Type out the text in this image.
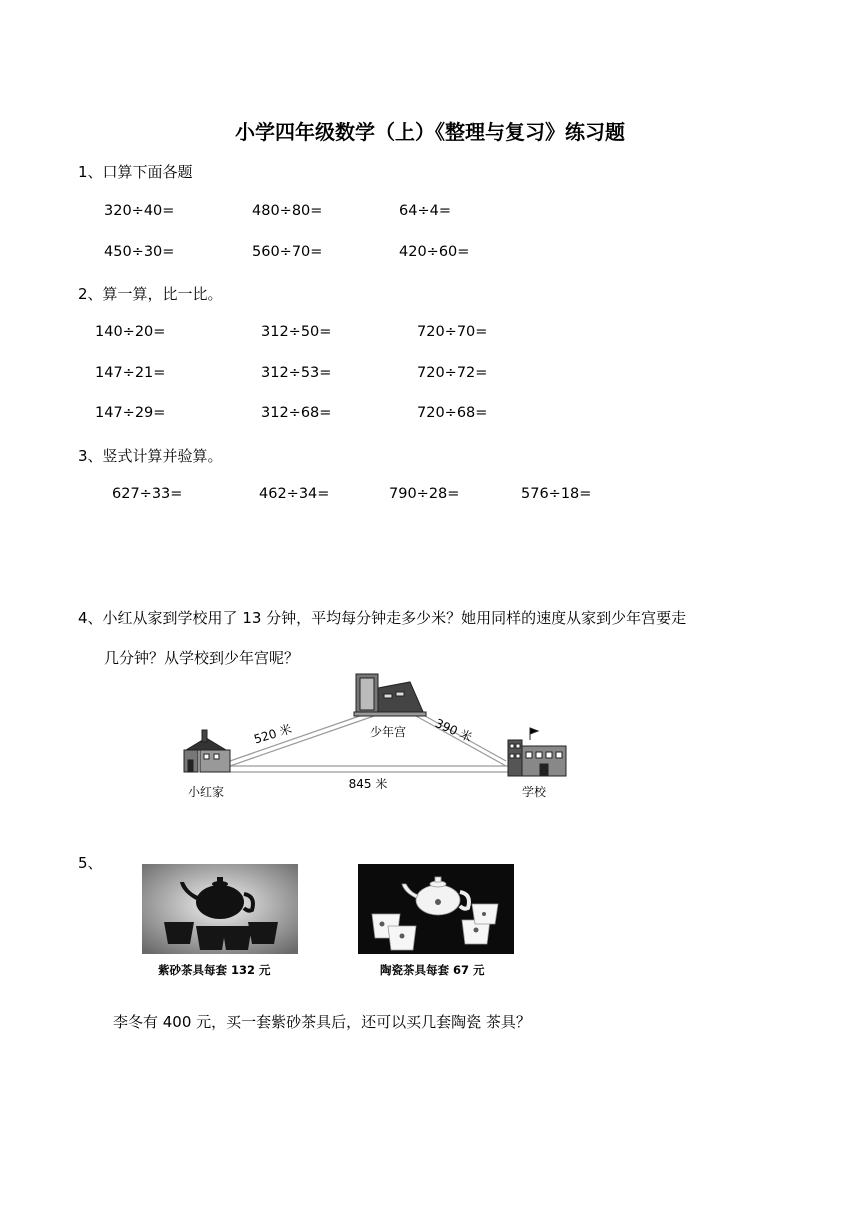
小学四年级数学（上）《整理与复习》练习题
1、口算下面各题
320÷40=	480÷80=	64÷4=
450÷30=	560÷70=	420÷60=
2、算一算，比一比。
140÷20=	312÷50=	720÷70=
147÷21=	312÷53=	720÷72=
147÷29=	312÷68=	720÷68=
3、竖式计算并验算。
627÷33=	462÷34=	790÷28=	576÷18=
4、小红从家到学校用了 13 分钟，平均每分钟走多少米？她用同样的速度从家到少年宫要走
几分钟？从学校到少年宫呢？
520 米	390 米
845 米
少年宫
小红家	学校
5、
紫砂茶具每套 132 元	陶瓷茶具每套 67 元
李冬有 400 元，买一套紫砂茶具后，还可以买几套陶瓷 茶具？
